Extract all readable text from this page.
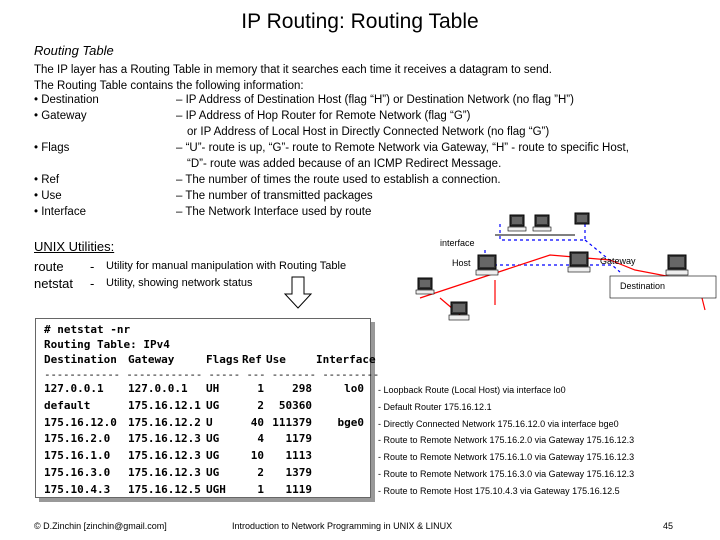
IP Routing: Routing Table
Routing Table
The IP layer has a Routing Table in memory that it searches each time it receives a datagram to send.
The Routing Table contains the following information:
• Destination	– IP Address of Destination Host (flag “H”) or Destination Network (no flag ”H”)
• Gateway	– IP Address of Hop Router for Remote Network (flag “G”)
or IP Address of Local Host in Directly Connected Network (no flag “G”)
• Flags	– “U”- route is up, “G”- route to Remote Network via Gateway, “H” - route to specific Host,
“D”- route was added because of an ICMP Redirect Message.
• Ref	– The number of times the route used to establish a connection.
• Use	– The number of transmitted packages
• Interface	– The Network Interface used by route
UNIX Utilities:
route - Utility for manual manipulation with Routing Table
netstat - Utility, showing network status
interface
Host	Gateway
Destination
# netstat -nr
Routing Table: IPv4
Destination Gateway	Flags Ref Use	Interface
------------ ------------ ----- --- ------- ---------
127.0.0.1	127.0.0.1	UH	1	298	lo0
default	175.16.12.1 UG	2	50360
175.16.12.0	175.16.12.2 U	40 111379	bge0
175.16.2.0	175.16.12.3 UG	4	1179
175.16.1.0	175.16.12.3 UG	10	1113
175.16.3.0	175.16.12.3 UG	2	1379
175.10.4.3	175.16.12.5 UGH	1	1119
- Loopback Route (Local Host) via interface lo0
- Default Router 175.16.12.1
- Directly Connected Network 175.16.12.0 via interface bge0
- Route to Remote Network 175.16.2.0 via Gateway 175.16.12.3
- Route to Remote Network 175.16.1.0 via Gateway 175.16.12.3
- Route to Remote Network 175.16.3.0 via Gateway 175.16.12.3
- Route to Remote Host 175.10.4.3 via Gateway 175.16.12.5
© D.Zinchin [zinchin@gmail.com]	Introduction to Network Programming in UNIX & LINUX	45
